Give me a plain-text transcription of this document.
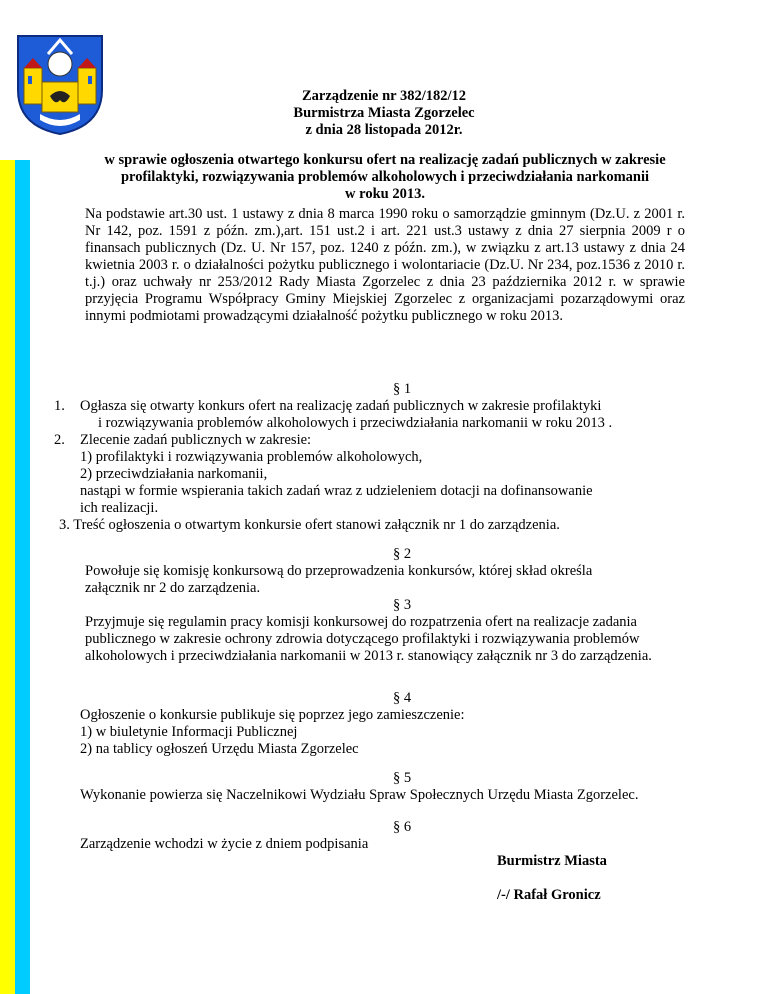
Zarządzenie nr 382/182/12
Burmistrza Miasta Zgorzelec
z dnia 28 listopada 2012r.
w sprawie ogłoszenia otwartego konkursu ofert na realizację zadań publicznych w zakresie
profilaktyki, rozwiązywania problemów alkoholowych i przeciwdziałania narkomanii
w roku 2013.
Na podstawie art.30 ust. 1 ustawy z dnia 8 marca 1990 roku o samorządzie gminnym (Dz.U. z 2001 r. Nr 142, poz. 1591 z późn. zm.),art. 151 ust.2 i art. 221 ust.3 ustawy z dnia 27 sierpnia 2009 r o finansach publicznych (Dz. U. Nr 157, poz. 1240 z późn. zm.), w związku z art.13 ustawy z dnia 24 kwietnia 2003 r. o działalności pożytku publicznego i wolontariacie (Dz.U. Nr 234, poz.1536 z 2010 r. t.j.) oraz uchwały nr 253/2012 Rady Miasta Zgorzelec z dnia 23 października 2012 r. w sprawie przyjęcia Programu Współpracy Gminy Miejskiej Zgorzelec z organizacjami pozarządowymi oraz innymi podmiotami prowadzącymi działalność pożytku publicznego w roku 2013.
§ 1
1. Ogłasza się otwarty konkurs ofert na realizację zadań publicznych w zakresie profilaktyki
i rozwiązywania problemów alkoholowych i przeciwdziałania narkomanii w roku 2013 .
2. Zlecenie zadań publicznych w zakresie:
1) profilaktyki i rozwiązywania problemów alkoholowych,
2) przeciwdziałania narkomanii,
nastąpi w formie wspierania takich zadań wraz z udzieleniem dotacji na dofinansowanie
ich realizacji.
3. Treść ogłoszenia o otwartym konkursie ofert stanowi załącznik nr 1 do zarządzenia.
§ 2
Powołuje się komisję konkursową do przeprowadzenia konkursów, której skład określa załącznik nr 2 do zarządzenia.
§ 3
Przyjmuje się regulamin pracy komisji konkursowej do rozpatrzenia ofert na realizacje zadania publicznego w zakresie ochrony zdrowia dotyczącego profilaktyki i rozwiązywania problemów alkoholowych i przeciwdziałania narkomanii w 2013 r. stanowiący załącznik nr 3 do zarządzenia.
§ 4
Ogłoszenie o konkursie publikuje się poprzez jego zamieszczenie:
1) w biuletynie Informacji Publicznej
2) na tablicy ogłoszeń Urzędu Miasta Zgorzelec
§ 5
Wykonanie powierza się Naczelnikowi Wydziału Spraw Społecznych Urzędu Miasta Zgorzelec.
§ 6
Zarządzenie wchodzi w życie z dniem podpisania
Burmistrz Miasta
/-/ Rafał Gronicz
